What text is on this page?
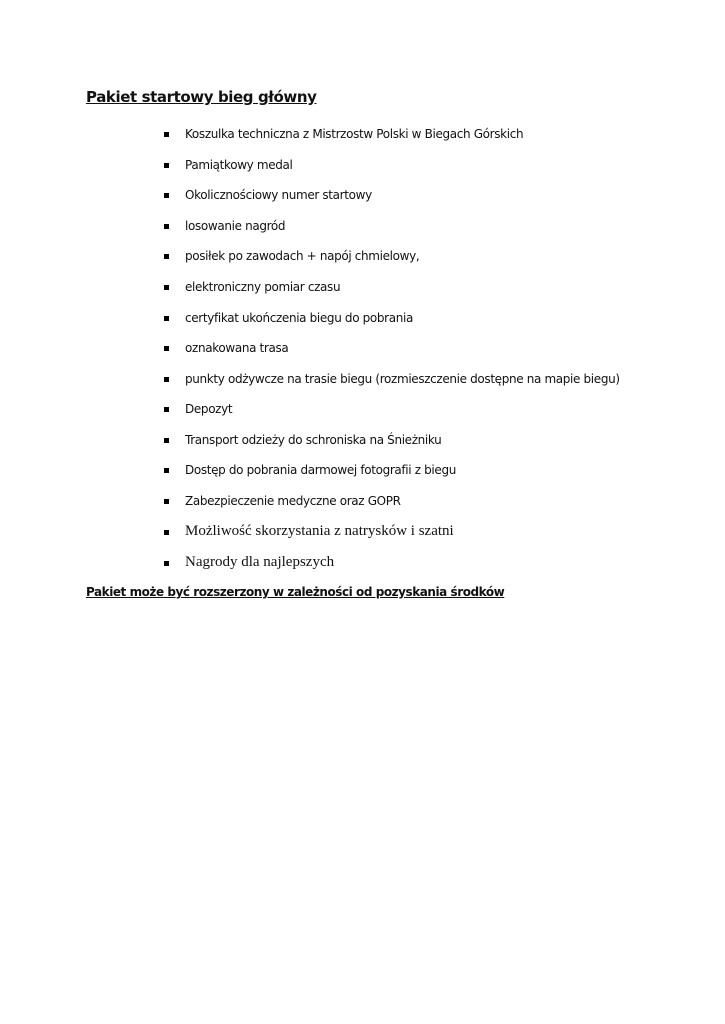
Pakiet startowy bieg główny
Koszulka techniczna z Mistrzostw Polski w Biegach Górskich
Pamiątkowy medal
Okolicznościowy numer startowy
losowanie nagród
posiłek po zawodach + napój chmielowy,
elektroniczny pomiar czasu
certyfikat ukończenia biegu do pobrania
oznakowana trasa
punkty odżywcze na trasie biegu (rozmieszczenie dostępne na mapie biegu)
Depozyt
Transport odzieży do schroniska na Śnieżniku
Dostęp do pobrania darmowej fotografii z biegu
Zabezpieczenie medyczne oraz GOPR
Możliwość skorzystania z natrysków i szatni
Nagrody dla najlepszych

Pakiet może być rozszerzony w zależności od pozyskania środków
